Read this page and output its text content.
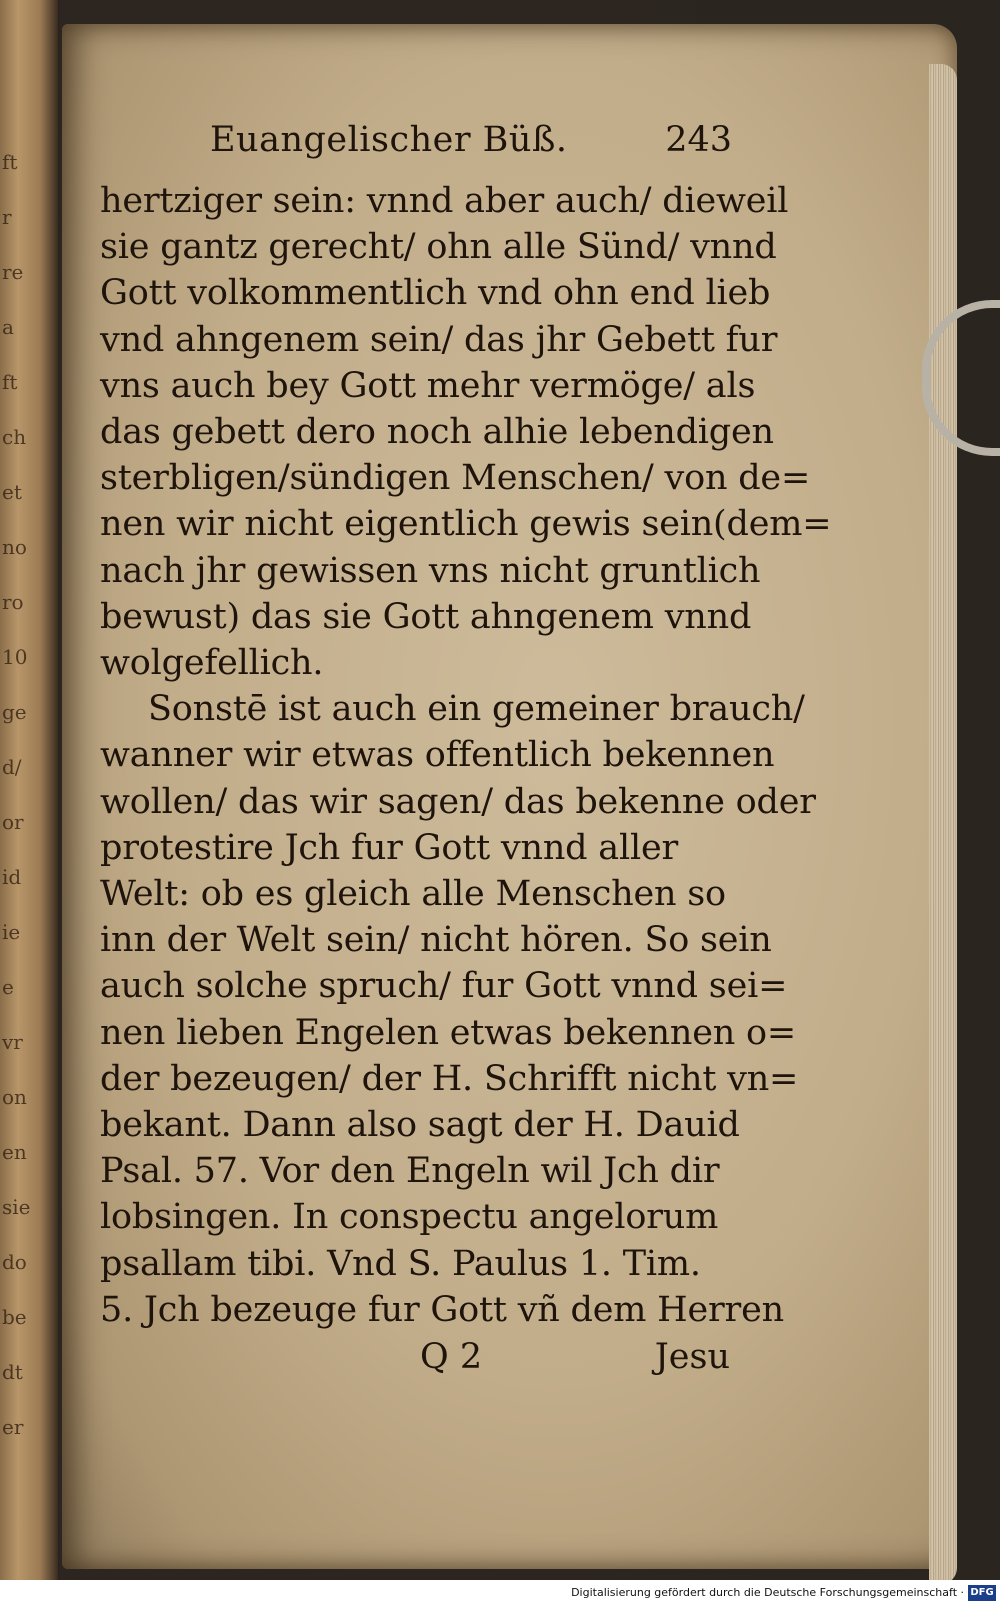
ft
r
re
a
ft
ch
et
no
ro
10
ge
d/
or
id
ie
e
vr
on
en
sie
do
be
dt
er
Euangelischer Büß.	243
hertziger sein: vnnd aber auch/ dieweil
sie gantz gerecht/ ohn alle Sünd/ vnnd
Gott volkommentlich vnd ohn end lieb
vnd ahngenem sein/ das jhr Gebett fur
vns auch bey Gott mehr vermöge/ als
das gebett dero noch alhie lebendigen
sterbligen/sündigen Menschen/ von de=
nen wir nicht eigentlich gewis sein(dem=
nach jhr gewissen vns nicht gruntlich
bewust) das sie Gott ahngenem vnnd
wolgefellich.
Sonstē ist auch ein gemeiner brauch/
wanner wir etwas offentlich bekennen
wollen/ das wir sagen/ das bekenne oder
protestire Jch fur Gott vnnd aller
Welt: ob es gleich alle Menschen so
inn der Welt sein/ nicht hören. So sein
auch solche spruch/ fur Gott vnnd sei=
nen lieben Engelen etwas bekennen o=
der bezeugen/ der H. Schrifft nicht vn=
bekant. Dann also sagt der H. Dauid
Psal. 57. Vor den Engeln wil Jch dir
lobsingen. In conspectu angelorum
psallam tibi. Vnd S. Paulus 1. Tim.
5. Jch bezeuge fur Gott vñ dem Herren
Q 2	Jesu
Digitalisierung gefördert durch die Deutsche Forschungsgemeinschaft · DFG
